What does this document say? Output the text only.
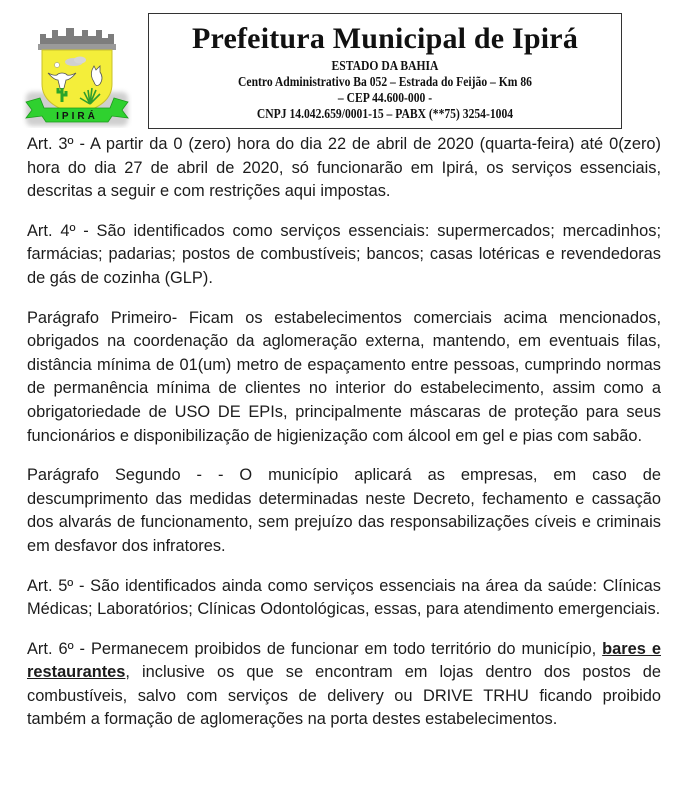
IPIRÁ
Prefeitura Municipal de Ipirá
ESTADO DA BAHIA
Centro Administrativo Ba 052 – Estrada do Feijão – Km 86
– CEP 44.600-000 -
CNPJ 14.042.659/0001-15 – PABX (**75) 3254-1004

Art. 3º - A partir da 0 (zero) hora do dia 22 de abril de 2020 (quarta-feira) até 0(zero) hora do dia 27 de abril de 2020, só funcionarão em Ipirá, os serviços essenciais, descritas a seguir e com restrições aqui impostas.

Art. 4º - São identificados como serviços essenciais: supermercados; mercadinhos; farmácias; padarias; postos de combustíveis; bancos; casas lotéricas e revendedoras de gás de cozinha (GLP).

Parágrafo Primeiro- Ficam os estabelecimentos comerciais acima mencionados, obrigados na coordenação da aglomeração externa, mantendo, em eventuais filas, distância mínima de 01(um) metro de espaçamento entre pessoas, cumprindo normas de permanência mínima de clientes no interior do estabelecimento, assim como a obrigatoriedade de USO DE EPIs, principalmente máscaras de proteção para seus funcionários e disponibilização de higienização com álcool em gel e pias com sabão.

Parágrafo Segundo - - O município aplicará as empresas, em caso de descumprimento das medidas determinadas neste Decreto, fechamento e cassação dos alvarás de funcionamento, sem prejuízo das responsabilizações cíveis e criminais em desfavor dos infratores.

Art. 5º - São identificados ainda como serviços essenciais na área da saúde: Clínicas Médicas; Laboratórios; Clínicas Odontológicas, essas, para atendimento emergenciais.

Art. 6º - Permanecem proibidos de funcionar em todo território do município, bares e restaurantes, inclusive os que se encontram em lojas dentro dos postos de combustíveis, salvo com serviços de delivery ou DRIVE TRHU ficando proibido também a formação de aglomerações na porta destes estabelecimentos.
